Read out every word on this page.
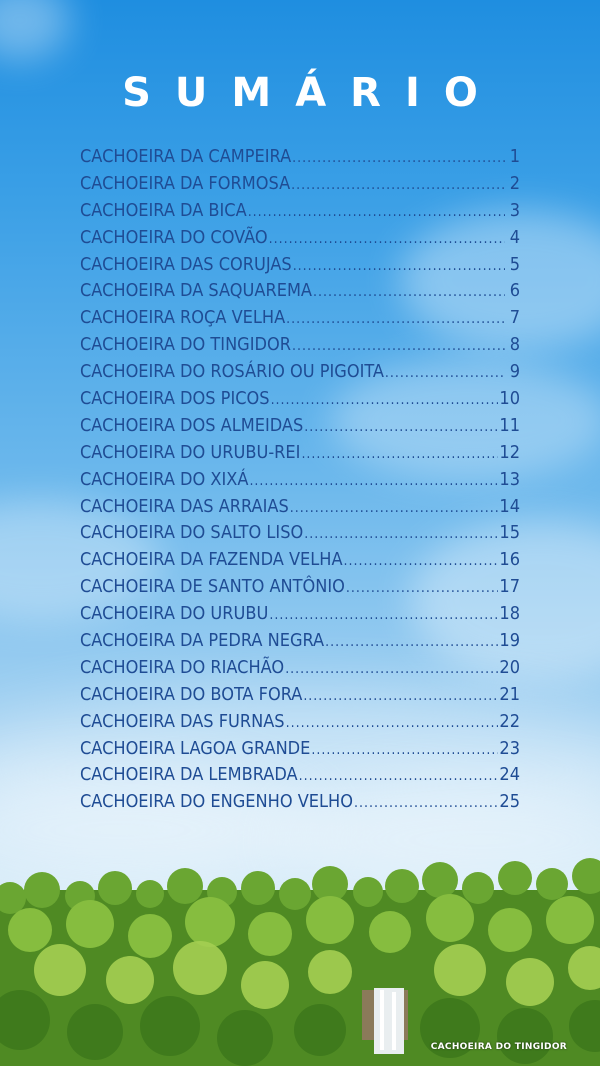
SUMÁRIO
CACHOEIRA DA CAMPEIRA .....	1
CACHOEIRA DA FORMOSA .....	2
CACHOEIRA DA BICA .....	3
CACHOEIRA DO COVÃO .....	4
CACHOEIRA DAS CORUJAS .....	5
CACHOEIRA DA SAQUAREMA .....	6
CACHOEIRA ROÇA VELHA .....	7
CACHOEIRA DO TINGIDOR .....	8
CACHOEIRA DO ROSÁRIO OU PIGOITA .....	9
CACHOEIRA DOS PICOS .....	10
CACHOEIRA DOS ALMEIDAS .....	11
CACHOEIRA DO URUBU-REI .....	12
CACHOEIRA DO XIXÁ .....	13
CACHOEIRA DAS ARRAIAS .....	14
CACHOEIRA DO SALTO LISO .....	15
CACHOEIRA DA FAZENDA VELHA .....	16
CACHOEIRA DE SANTO ANTÔNIO .....	17
CACHOEIRA DO URUBU .....	18
CACHOEIRA DA PEDRA NEGRA .....	19
CACHOEIRA DO RIACHÃO .....	20
CACHOEIRA DO BOTA FORA .....	21
CACHOEIRA DAS FURNAS .....	22
CACHOEIRA LAGOA GRANDE .....	23
CACHOEIRA DA LEMBRADA .....	24
CACHOEIRA DO ENGENHO VELHO .....	25
CACHOEIRA DO TINGIDOR
